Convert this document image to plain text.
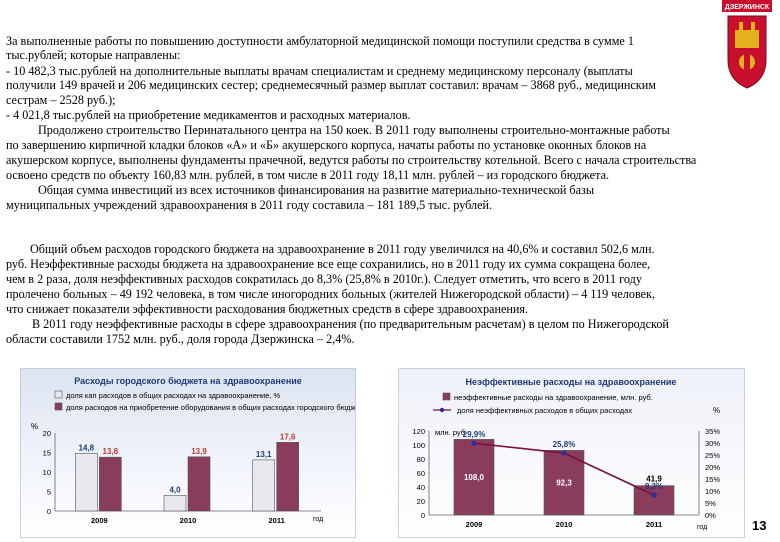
ДЗЕРЖИНСК
За выполненные работы по повышению доступности амбулаторной медицинской помощи поступили средства в сумме 1
тыс.рублей; которые направлены:
- 10 482,3 тыс.рублей на дополнительные выплаты врачам специалистам и среднему медицинскому персоналу (выплаты
получили 149 врачей и 206 медицинских сестер; среднемесячный размер выплат составил: врачам – 3868 руб., медицинским
сестрам – 2528 руб.);
- 4 021,8 тыс.рублей на приобретение медикаментов и расходных материалов.
Продолжено строительство Перинатального центра на 150 коек. В 2011 году выполнены строительно-монтажные работы
по завершению кирпичной кладки блоков «А» и «Б» акушерского корпуса, начаты работы по установке оконных блоков на
акушерском корпусе, выполнены фундаменты прачечной, ведутся работы по строительству котельной. Всего с начала строительства
освоено средств по объекту 160,83 млн. рублей, в том числе в 2011 году 18,11 млн. рублей – из городского бюджета.
Общая сумма инвестиций из всех источников финансирования на развитие материально-технической базы
муниципальных учреждений здравоохранения в 2011 году составила – 181 189,5 тыс. рублей.
Общий объем расходов городского бюджета на здравоохранение в 2011 году увеличился на 40,6% и составил 502,6 млн.
руб. Неэффективные расходы бюджета на здравоохранение все еще сохранились, но в 2011 году их сумма сокращена более,
чем в 2 раза, доля неэффективных расходов сократилась до 8,3% (25,8% в 2010г.). Следует отметить, что всего в 2011 году
пролечено больных – 49 192 человека, в том числе иногородних больных (жителей Нижегородской области) – 4 119 человек,
что снижает показатели эффективности расходования бюджетных средств в сфере здравоохранения.
В 2011 году неэффективные расходы в сфере здравоохранения (по предварительным расчетам) в целом по Нижегородской
области составили 1752 млн. руб., доля города Дзержинска – 2,4%.
Расходы городского бюджета на здравоохранение
доля кап расходов в общих расходах на здравоохранение, %
доля расходов на приобретение оборудования в общих расходах городского бюджета, %
%
год
0
5
10
15
20
2009	2010	2011
14,8 13,8
4,0
13,9	13,1
17,6
Неэффективные расходы на здравоохранение
неэффективные расходы на здравоохранение, млн. руб.
доля неэффективных расходов в общих расходах
млн. руб
%
год
0
20
40
60
80
100
120
0%
5%
10%
15%
20%
25%
30%
35%
2009	2010	2011
108,0
92,3	41,9
29,9%
25,8%
8,3%
13
